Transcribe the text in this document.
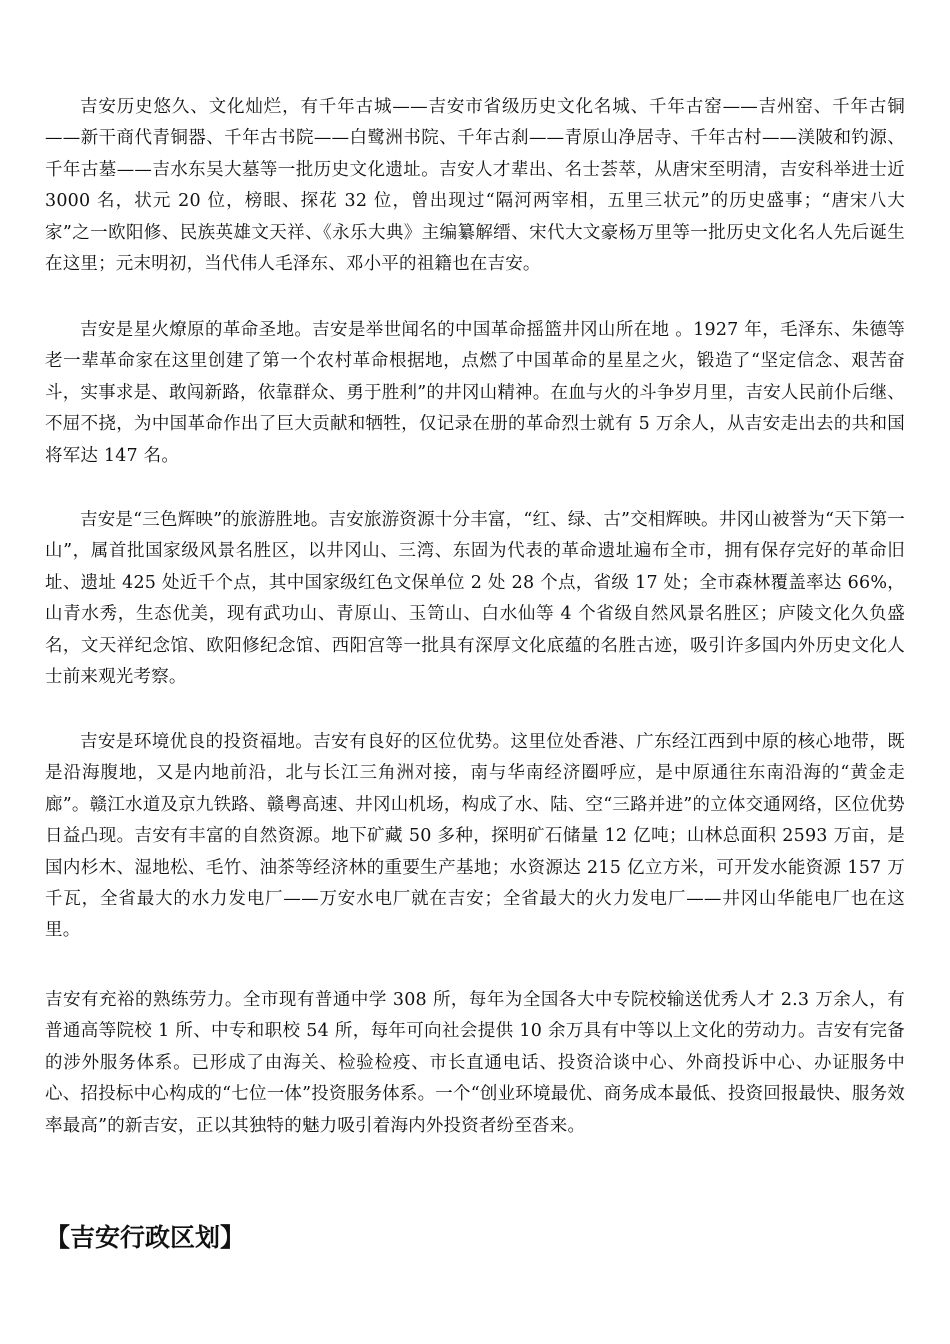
吉安历史悠久、文化灿烂，有千年古城——吉安市省级历史文化名城、千年古窑——吉州窑、千年古铜——新干商代青铜器、千年古书院——白鹭洲书院、千年古刹——青原山净居寺、千年古村——渼陂和钓源、千年古墓——吉水东吴大墓等一批历史文化遗址。吉安人才辈出、名士荟萃，从唐宋至明清，吉安科举进士近 3000 名，状元 20 位，榜眼、探花 32 位，曾出现过“隔河两宰相，五里三状元”的历史盛事；“唐宋八大家”之一欧阳修、民族英雄文天祥、《永乐大典》主编纂解缙、宋代大文豪杨万里等一批历史文化名人先后诞生在这里；元末明初，当代伟人毛泽东、邓小平的祖籍也在吉安。

吉安是星火燎原的革命圣地。吉安是举世闻名的中国革命摇篮井冈山所在地 。1927 年，毛泽东、朱德等老一辈革命家在这里创建了第一个农村革命根据地，点燃了中国革命的星星之火，锻造了“坚定信念、艰苦奋斗，实事求是、敢闯新路，依靠群众、勇于胜利”的井冈山精神。在血与火的斗争岁月里，吉安人民前仆后继、不屈不挠，为中国革命作出了巨大贡献和牺牲，仅记录在册的革命烈士就有 5 万余人，从吉安走出去的共和国将军达 147 名。

吉安是“三色辉映”的旅游胜地。吉安旅游资源十分丰富，“红、绿、古”交相辉映。井冈山被誉为“天下第一山”，属首批国家级风景名胜区，以井冈山、三湾、东固为代表的革命遗址遍布全市，拥有保存完好的革命旧址、遗址 425 处近千个点，其中国家级红色文保单位 2 处 28 个点，省级 17 处；全市森林覆盖率达 66%，山青水秀，生态优美，现有武功山、青原山、玉笥山、白水仙等 4 个省级自然风景名胜区；庐陵文化久负盛名，文天祥纪念馆、欧阳修纪念馆、西阳宫等一批具有深厚文化底蕴的名胜古迹，吸引许多国内外历史文化人士前来观光考察。

吉安是环境优良的投资福地。吉安有良好的区位优势。这里位处香港、广东经江西到中原的核心地带，既是沿海腹地，又是内地前沿，北与长江三角洲对接，南与华南经济圈呼应，是中原通往东南沿海的“黄金走廊”。赣江水道及京九铁路、赣粤高速、井冈山机场，构成了水、陆、空“三路并进”的立体交通网络，区位优势日益凸现。吉安有丰富的自然资源。地下矿藏 50 多种，探明矿石储量 12 亿吨；山林总面积 2593 万亩，是国内杉木、湿地松、毛竹、油茶等经济林的重要生产基地；水资源达 215 亿立方米，可开发水能资源 157 万千瓦，全省最大的水力发电厂——万安水电厂就在吉安；全省最大的火力发电厂——井冈山华能电厂也在这里。

吉安有充裕的熟练劳力。全市现有普通中学 308 所，每年为全国各大中专院校输送优秀人才 2.3 万余人，有普通高等院校 1 所、中专和职校 54 所，每年可向社会提供 10 余万具有中等以上文化的劳动力。吉安有完备的涉外服务体系。已形成了由海关、检验检疫、市长直通电话、投资洽谈中心、外商投诉中心、办证服务中心、招投标中心构成的“七位一体”投资服务体系。一个“创业环境最优、商务成本最低、投资回报最快、服务效率最高”的新吉安，正以其独特的魅力吸引着海内外投资者纷至沓来。

【吉安行政区划】
